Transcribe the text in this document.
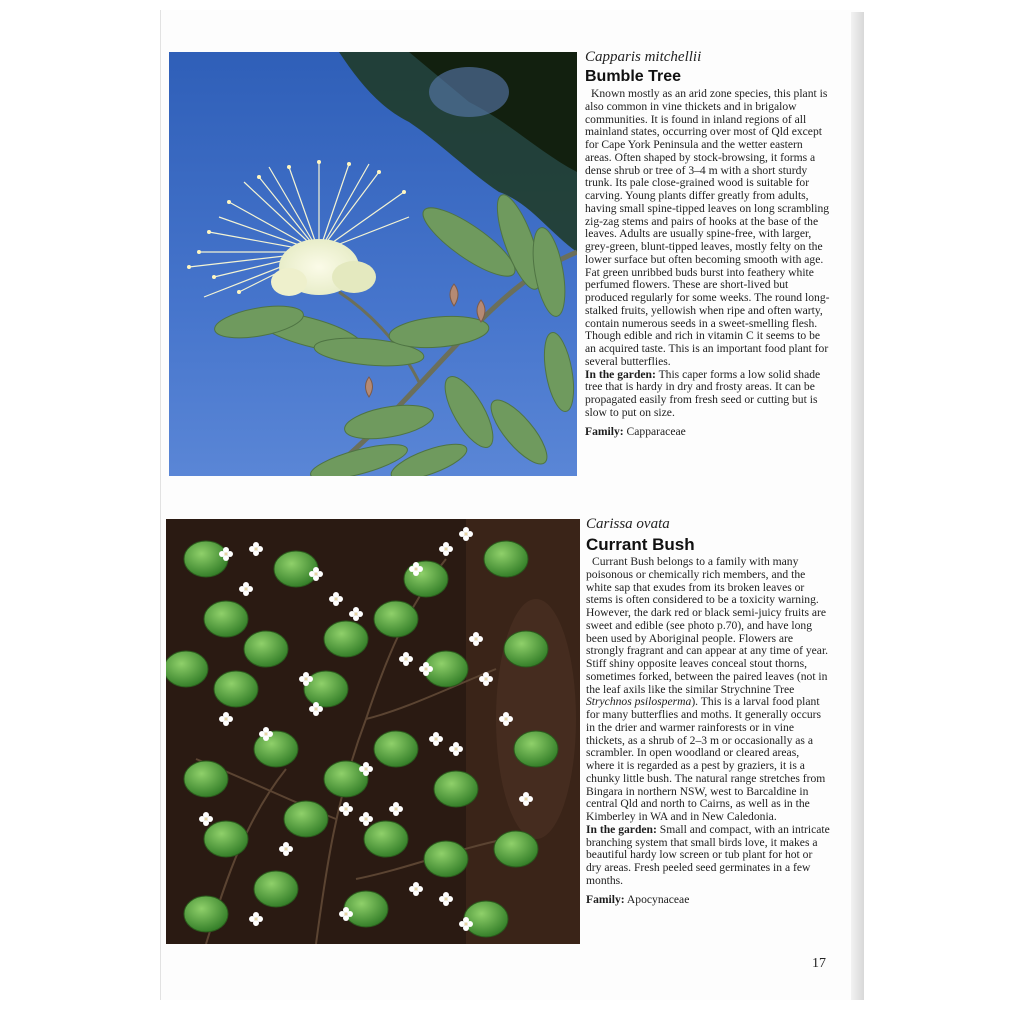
Capparis mitchellii

Bumble Tree

Known mostly as an arid zone species, this plant is also common in vine thickets and in brigalow communities. It is found in inland regions of all mainland states, occurring over most of Qld except for Cape York Peninsula and the wetter eastern areas. Often shaped by stock-browsing, it forms a dense shrub or tree of 3–4 m with a short sturdy trunk. Its pale close-grained wood is suitable for carving. Young plants differ greatly from adults, having small spine-tipped leaves on long scrambling zig-zag stems and pairs of hooks at the base of the leaves. Adults are usually spine-free, with larger, grey-green, blunt-tipped leaves, mostly felty on the lower surface but often becoming smooth with age. Fat green unribbed buds burst into feathery white perfumed flowers. These are short-lived but produced regularly for some weeks. The round long-stalked fruits, yellowish when ripe and often warty, contain numerous seeds in a sweet-smelling flesh. Though edible and rich in vitamin C it seems to be an acquired taste. This is an important food plant for several butterflies.

In the garden: This caper forms a low solid shade tree that is hardy in dry and frosty areas. It can be propagated easily from fresh seed or cutting but is slow to put on size.

Family: Capparaceae

Carissa ovata

Currant Bush

Currant Bush belongs to a family with many poisonous or chemically rich members, and the white sap that exudes from its broken leaves or stems is often considered to be a toxicity warning. However, the dark red or black semi-juicy fruits are sweet and edible (see photo p.70), and have long been used by Aboriginal people. Flowers are strongly fragrant and can appear at any time of year. Stiff shiny opposite leaves conceal stout thorns, sometimes forked, between the paired leaves (not in the leaf axils like the similar Strychnine Tree Strychnos psilosperma). This is a larval food plant for many butterflies and moths. It generally occurs in the drier and warmer rainforests or in vine thickets, as a shrub of 2–3 m or occasionally as a scrambler. In open woodland or cleared areas, where it is regarded as a pest by graziers, it is a chunky little bush. The natural range stretches from Bingara in northern NSW, west to Barcaldine in central Qld and north to Cairns, as well as in the Kimberley in WA and in New Caledonia.

In the garden: Small and compact, with an intricate branching system that small birds love, it makes a beautiful hardy low screen or tub plant for hot or dry areas. Fresh peeled seed germinates in a few months.

Family: Apocynaceae

17
